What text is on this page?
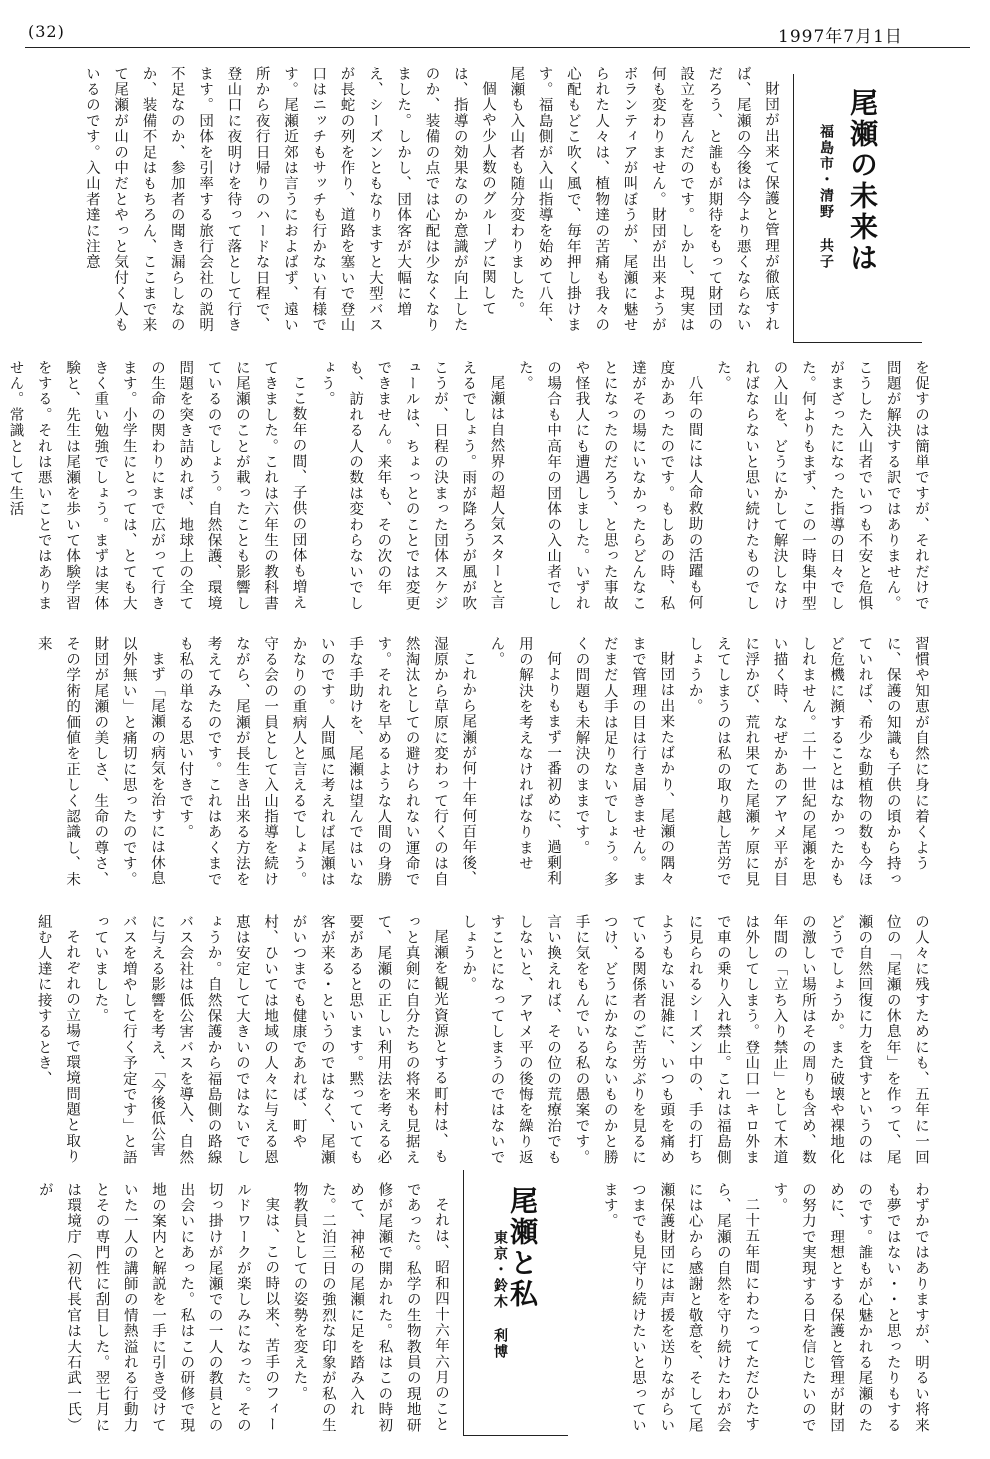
(32)	1997年7月1日
尾瀬の未来は
福島市・清野 共子

財団が出来て保護と管理が徹底すれば、尾瀬の今後は今より悪くならないだろう、と誰もが期待をもって財団の設立を喜んだのです。しかし、現実は何も変わりません。財団が出来ようがボランティアが叫ぼうが、尾瀬に魅せられた人々は、植物達の苦痛も我々の心配もどこ吹く風で、毎年押し掛けます。福島側が入山指導を始めて八年、尾瀬も入山者も随分変わりました。

個人や少人数のグループに関しては、指導の効果なのか意識が向上したのか、装備の点では心配は少なくなりました。しかし、団体客が大幅に増え、シーズンともなりますと大型バスが長蛇の列を作り、道路を塞いで登山口はニッチもサッチも行かない有様です。尾瀬近郊は言うにおよばず、遠い所から夜行日帰りのハードな日程で、登山口に夜明けを待って落として行きます。団体を引率する旅行会社の説明不足なのか、参加者の聞き漏らしなのか、装備不足はもちろん、ここまで来て尾瀬が山の中だとやっと気付く人もいるのです。入山者達に注意

を促すのは簡単ですが、それだけで問題が解決する訳ではありません。こうした入山者でいつも不安と危惧がまざったになった指導の日々でした。何よりもまず、この一時集中型の入山を、どうにかして解決しなければならないと思い続けたものでした。

八年の間には人命救助の活躍も何度かあったのです。もしあの時、私達がその場にいなかったらどんなことになったのだろう、と思った事故や怪我人にも遭遇しました。いずれの場合も中高年の団体の入山者でした。

尾瀬は自然界の超人気スターと言えるでしょう。雨が降ろうが風が吹こうが、日程の決まった団体スケジュールは、ちょっとのことでは変更できません。来年も、その次の年も、訪れる人の数は変わらないでしょう。

ここ数年の間、子供の団体も増えてきました。これは六年生の教科書に尾瀬のことが載ったことも影響しているのでしょう。自然保護、環境問題を突き詰めれば、地球上の全ての生命の関わりにまで広がって行きます。小学生にとっては、とても大きく重い勉強でしょう。まずは実体験と、先生は尾瀬を歩いて体験学習をする。それは悪いことではありません。常識として生活

習慣や知恵が自然に身に着くように、保護の知識も子供の頃から持っていれば、希少な動植物の数も今ほど危機に瀕することはなかったかもしれません。二十一世紀の尾瀬を思い描く時、なぜかあのアヤメ平が目に浮かび、荒れ果てた尾瀬ヶ原に見えてしまうのは私の取り越し苦労でしょうか。

財団は出来たばかり、尾瀬の隅々まで管理の目は行き届きません。まだまだ人手は足りないでしょう。多くの問題も未解決のままです。

何よりもまず一番初めに、過剰利用の解決を考えなければなりません。

これから尾瀬が何十年何百年後、湿原から草原に変わって行くのは自然淘汰としての避けられない運命です。それを早めるような人間の身勝手な手助けを、尾瀬は望んではいないのです。人間風に考えれば尾瀬はかなりの重病人と言えるでしょう。守る会の一員として入山指導を続けながら、尾瀬が長生き出来る方法を考えてみたのです。これはあくまでも私の単なる思い付きです。

まず「尾瀬の病気を治すには休息以外無い」と痛切に思ったのです。財団が尾瀬の美しさ、生命の尊さ、その学術的価値を正しく認識し、未来

の人々に残すためにも、五年に一回位の「尾瀬の休息年」を作って、尾瀬の自然回復に力を貸すというのはどうでしょうか。また破壊や裸地化の激しい場所はその周りも含め、数年間の「立ち入り禁止」として木道は外してしまう。登山口一キロ外まで車の乗り入れ禁止。これは福島側に見られるシーズン中の、手の打ちようもない混雑に、いつも頭を痛めている関係者のご苦労ぶりを見るにつけ、どうにかならないものかと勝手に気をもんでいる私の愚案です。言い換えれば、その位の荒療治でもしないと、アヤメ平の後悔を繰り返すことになってしまうのではないでしょうか。

尾瀬を観光資源とする町村は、もっと真剣に自分たちの将来も見据えて、尾瀬の正しい利用法を考える必要があると思います。黙っていても客が来る・というのではなく、尾瀬がいつまでも健康であれば、町や村、ひいては地域の人々に与える恩恵は安定して大きいのではないでしょうか。自然保護から福島側の路線バス会社は低公害バスを導入、自然に与える影響を考え、「今後低公害バスを増やして行く予定です」と語っていました。

それぞれの立場で環境問題と取り組む人達に接するとき、

わずかではありますが、明るい将来も夢ではない・・と思ったりもするのです。誰もが心魅かれる尾瀬のために、理想とする保護と管理が財団の努力で実現する日を信じたいのです。

二十五年間にわたってただひたすら、尾瀬の自然を守り続けたわが会には心から感謝と敬意を、そして尾瀬保護財団には声援を送りながらいつまでも見守り続けたいと思っています。

尾瀬と私
東京・鈴木 利博

それは、昭和四十六年六月のことであった。私学の生物教員の現地研修が尾瀬で開かれた。私はこの時初めて、神秘の尾瀬に足を踏み入れた。二泊三日の強烈な印象が私の生物教員としての姿勢を変えた。

実は、この時以来、苦手のフィールドワークが楽しみになった。その切っ掛けが尾瀬での一人の教員との出会いにあった。私はこの研修で現地の案内と解説を一手に引き受けていた一人の講師の情熱溢れる行動力とその専門性に刮目した。翌七月には環境庁（初代長官は大石武一氏）が
